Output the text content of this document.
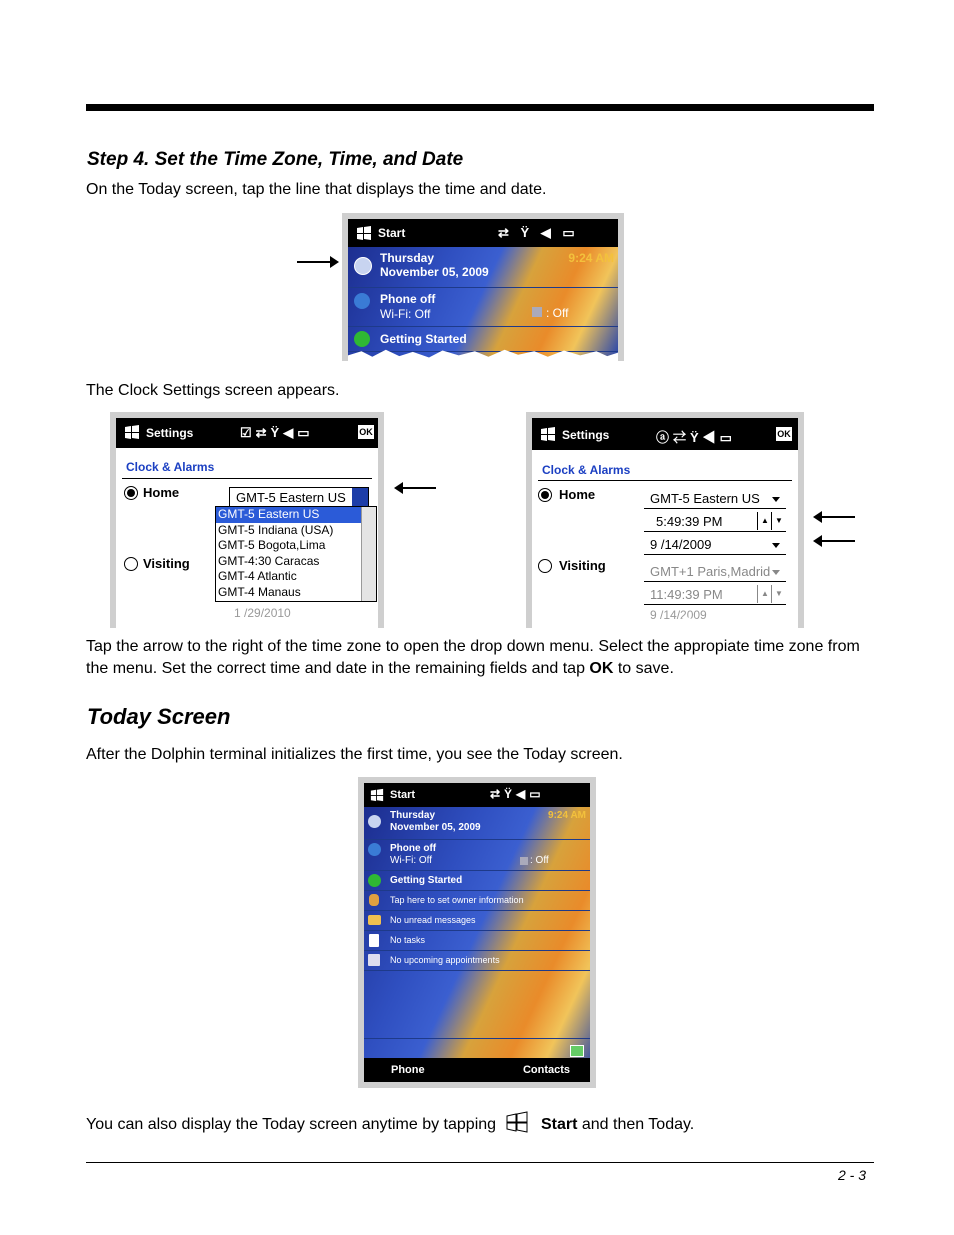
Step 4. Set the Time Zone, Time, and Date
On the Today screen, tap the line that displays the time and date.
Start	⇄ Ÿ ◀ ▭
Thursday
November 05, 2009
9:24 AM
Phone off
Wi-Fi: Off	: Off
Getting Started
The Clock Settings screen appears.
Settings	☑⇄Ÿ◀▭	OK
Clock & Alarms
Home	GMT-5 Eastern US
GMT-5 Eastern US
GMT-5 Indiana (USA)
GMT-5 Bogota,Lima
GMT-4:30 Caracas
GMT-4 Atlantic
GMT-4 Manaus
Visiting
1 /29/2010
Settings	ⓐ⇄Ÿ◀▭	OK
Clock & Alarms
Home	GMT-5 Eastern US
5:49:39 PM	▲ ▼
9 /14/2009
Visiting	GMT+1 Paris,Madrid
11:49:39 PM	▲ ▼
9 /14/2009
Tap the arrow to the right of the time zone to open the drop down menu. Select the appropiate time zone from the menu. Set the correct time and date in the remaining fields and tap OK to save.
Today Screen
After the Dolphin terminal initializes the first time, you see the Today screen.
Start	⇄Ÿ◀▭
Thursday
November 05, 2009
9:24 AM
Phone off
Wi-Fi: Off	: Off
Getting Started
Tap here to set owner information
No unread messages
No tasks
No upcoming appointments
Phone	Contacts
You can also display the Today screen anytime by tapping	Start and then Today.
2 - 3
